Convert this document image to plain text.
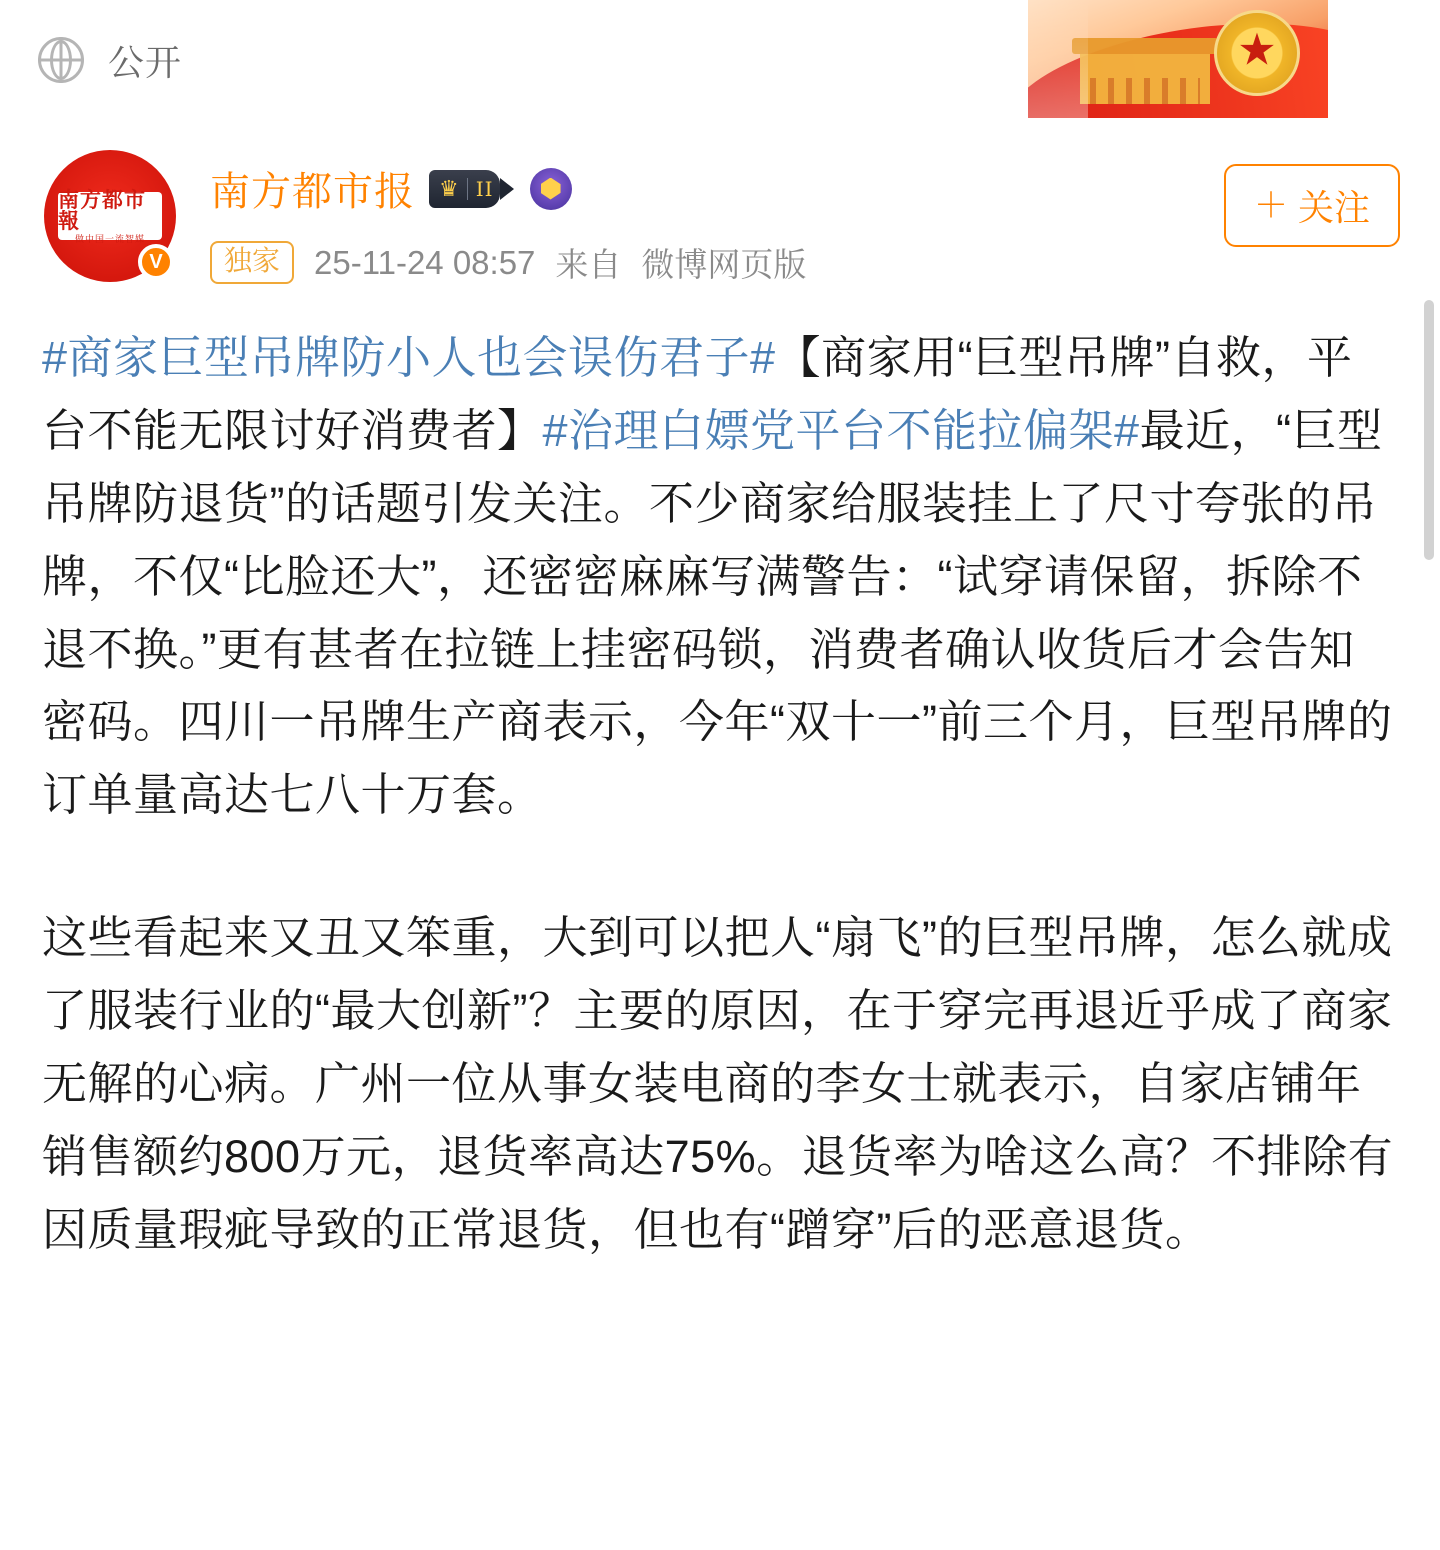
公开	★
南方都市報
做中国一流智媒
V
南方都市报 ♛ II
独家	25-11-24 08:57 来自 微博网页版
＋ 关注
#商家巨型吊牌防小人也会误伤君子#【商家用“巨型吊牌”自救，平台不能无限讨好消费者】#治理白嫖党平台不能拉偏架#最近，“巨型吊牌防退货”的话题引发关注。不少商家给服装挂上了尺寸夸张的吊牌，不仅“比脸还大”，还密密麻麻写满警告：“试穿请保留，拆除不退不换。”更有甚者在拉链上挂密码锁，消费者确认收货后才会告知密码。四川一吊牌生产商表示，今年“双十一”前三个月，巨型吊牌的订单量高达七八十万套。
这些看起来又丑又笨重，大到可以把人“扇飞”的巨型吊牌，怎么就成了服装行业的“最大创新”？主要的原因，在于穿完再退近乎成了商家无解的心病。广州一位从事女装电商的李女士就表示，自家店铺年销售额约800万元，退货率高达75%。退货率为啥这么高？不排除有因质量瑕疵导致的正常退货，但也有“蹭穿”后的恶意退货。
